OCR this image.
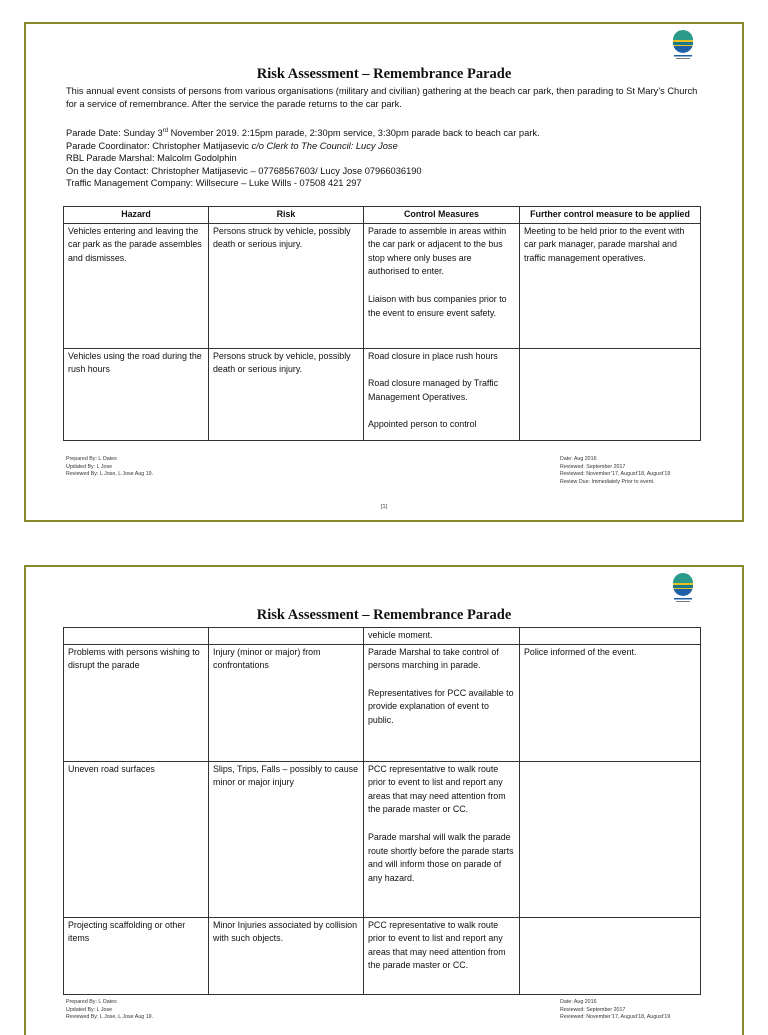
Risk Assessment – Remembrance Parade

This annual event consists of persons from various organisations (military and civilian) gathering at the beach car park, then parading to St Mary’s Church for a service of remembrance. After the service the parade returns to the car park.

Parade Date: Sunday 3rd November 2019. 2:15pm parade, 2:30pm service, 3:30pm parade back to beach car park.
Parade Coordinator: Christopher Matijasevic c/o Clerk to The Council: Lucy Jose
RBL Parade Marshal: Malcolm Godolphin
On the day Contact: Christopher Matijasevic – 07768567603/ Lucy Jose 07966036190
Traffic Management Company: Willsecure – Luke Wills - 07508 421 297
Hazard	Risk	Control Measures	Further control measure to be applied
Vehicles entering and leaving the car park as the parade assembles and dismisses.	Persons struck by vehicle, possibly death or serious injury.	Parade to assemble in areas within the car park or adjacent to the bus stop where only buses are authorised to enter.

Liaison with bus companies prior to the event to ensure event safety.	Meeting to be held prior to the event with car park manager, parade marshal and traffic management operatives.
Vehicles using the road during the rush hours	Persons struck by vehicle, possibly death or serious injury.	Road closure in place rush hours

Road closure managed by Traffic Management Operatives.

Appointed person to control	

Prepared By: L Oates
Updated By: L Jose
Reviewed By: L Jose, L Jose Aug 19.
Date: Aug 2016
Reviewed: September 2017
Reviewed: November’17, August’18, August’19
Review Due: Immediately Prior to event.
[1]
Risk Assessment – Remembrance Parade
		vehicle moment.	
Problems with persons wishing to disrupt the parade	Injury (minor or major) from confrontations	Parade Marshal to take control of persons marching in parade.

Representatives for PCC available to provide explanation of event to public.	Police informed of the event.
Uneven road surfaces	Slips, Trips, Falls – possibly to cause minor or major injury	PCC representative to walk route prior to event to list and report any areas that may need attention from the parade master or CC.

Parade marshal will walk the parade route shortly before the parade starts and will inform those on parade of any hazard.	

Projecting scaffolding or other items	Minor Injuries associated by collision with such objects.	PCC representative to walk route prior to event to list and report any areas that may need attention from the parade master or CC.	
Prepared By: L Oates
Updated By: L Jose
Reviewed By: L Jose, L Jose Aug 19.
Date: Aug 2016
Reviewed: September 2017
Reviewed: November’17, August’18, August’19
